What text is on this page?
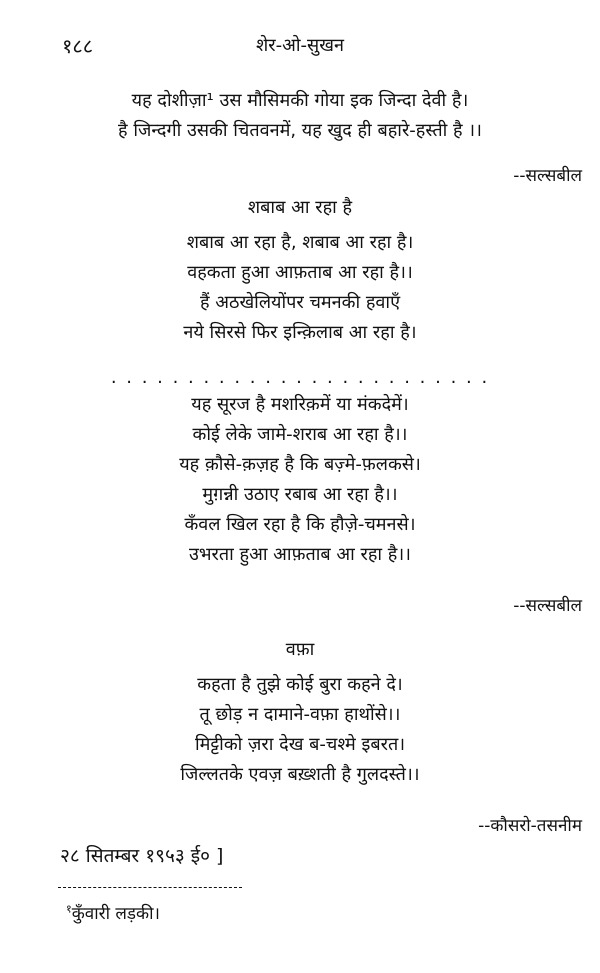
१८८	शेर-ओ-सुखन
यह दोशीज़ा¹ उस मौसिमकी गोया इक जिन्दा देवी है।
है जिन्दगी उसकी चितवनमें, यह खुद ही बहारे-हस्ती है ।।
--सल्सबील
शबाब आ रहा है
शबाब आ रहा है, शबाब आ रहा है।
वहकता हुआ आफ़ताब आ रहा है।।
हैं अठखेलियोंपर चमनकी हवाएँ
नये सिरसे फिर इन्क़िलाब आ रहा है।
. . . . . . . . . . . . . . . . . . . . . . . . .
यह सूरज है मशरिक़में या मंकदेमें।
कोई लेके जामे-शराब आ रहा है।।
यह क़ौसे-क़ज़ह है कि बज़्मे-फ़लकसे।
मुग़न्नी उठाए रबाब आ रहा है।।
कँवल खिल रहा है कि हौज़े-चमनसे।
उभरता हुआ आफ़ताब आ रहा है।।
--सल्सबील
वफ़ा
कहता है तुझे कोई बुरा कहने दे।
तू छोड़ न दामाने-वफ़ा हाथोंसे।।
मिट्टीको ज़रा देख ब-चश्मे इबरत।
जिल्लतके एवज़ बख़्शती है गुलदस्ते।।
--कौसरो-तसनीम
२८ सितम्बर १९५३ ई० ]
$^१$कुँवारी लड़की।
